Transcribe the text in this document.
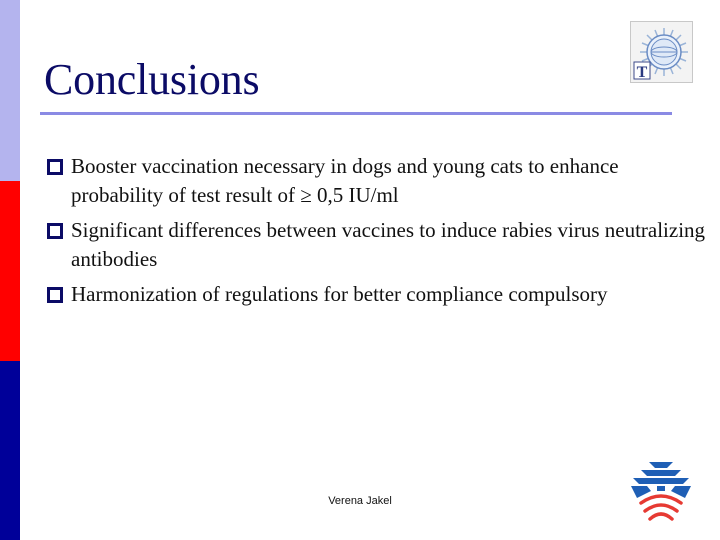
Conclusions	T
Booster vaccination necessary in dogs and young cats to enhance probability of test result of ≥ 0,5 IU/ml
Significant differences between vaccines to induce rabies virus neutralizing antibodies
Harmonization of regulations for better compliance compulsory
Verena Jakel
